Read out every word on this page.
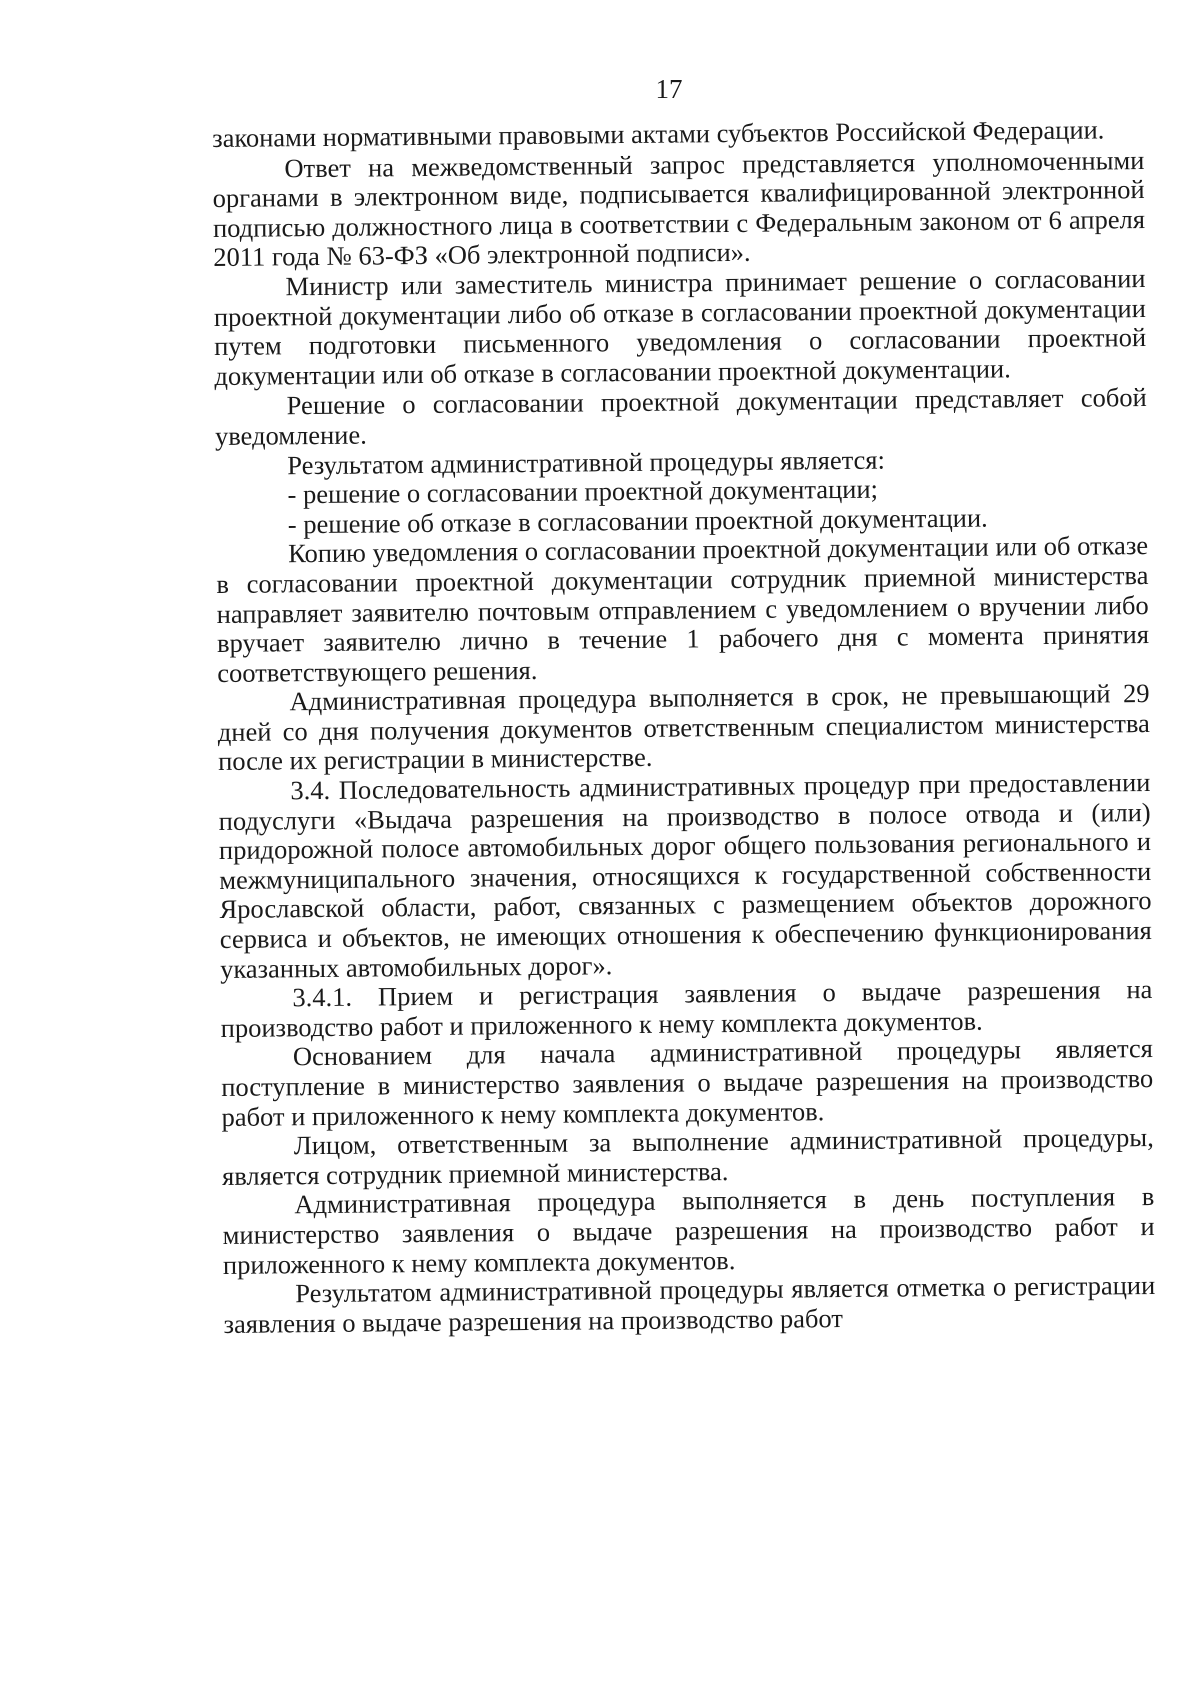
17

законами нормативными правовыми актами субъектов Российской Федерации.

Ответ на межведомственный запрос представляется уполномоченными органами в электронном виде, подписывается квалифицированной электронной подписью должностного лица в соответствии с Федеральным законом от 6 апреля 2011 года № 63-ФЗ «Об электронной подписи».

Министр или заместитель министра принимает решение о согласовании проектной документации либо об отказе в согласовании проектной документации путем подготовки письменного уведомления о согласовании проектной документации или об отказе в согласовании проектной документации.

Решение о согласовании проектной документации представляет собой уведомление.

Результатом административной процедуры является:

- решение о согласовании проектной документации;

- решение об отказе в согласовании проектной документации.

Копию уведомления о согласовании проектной документации или об отказе в согласовании проектной документации сотрудник приемной министерства направляет заявителю почтовым отправлением с уведомлением о вручении либо вручает заявителю лично в течение 1 рабочего дня с момента принятия соответствующего решения.

Административная процедура выполняется в срок, не превышающий 29 дней со дня получения документов ответственным специалистом министерства после их регистрации в министерстве.

3.4. Последовательность административных процедур при предоставлении подуслуги «Выдача разрешения на производство в полосе отвода и (или) придорожной полосе автомобильных дорог общего пользования регионального и межмуниципального значения, относящихся к государственной собственности Ярославской области, работ, связанных с размещением объектов дорожного сервиса и объектов, не имеющих отношения к обеспечению функционирования указанных автомобильных дорог».

3.4.1. Прием и регистрация заявления о выдаче разрешения на производство работ и приложенного к нему комплекта документов.

Основанием для начала административной процедуры является поступление в министерство заявления о выдаче разрешения на производство работ и приложенного к нему комплекта документов.

Лицом, ответственным за выполнение административной процедуры, является сотрудник приемной министерства.

Административная процедура выполняется в день поступления в министерство заявления о выдаче разрешения на производство работ и приложенного к нему комплекта документов.

Результатом административной процедуры является отметка о регистрации заявления о выдаче разрешения на производство работ
